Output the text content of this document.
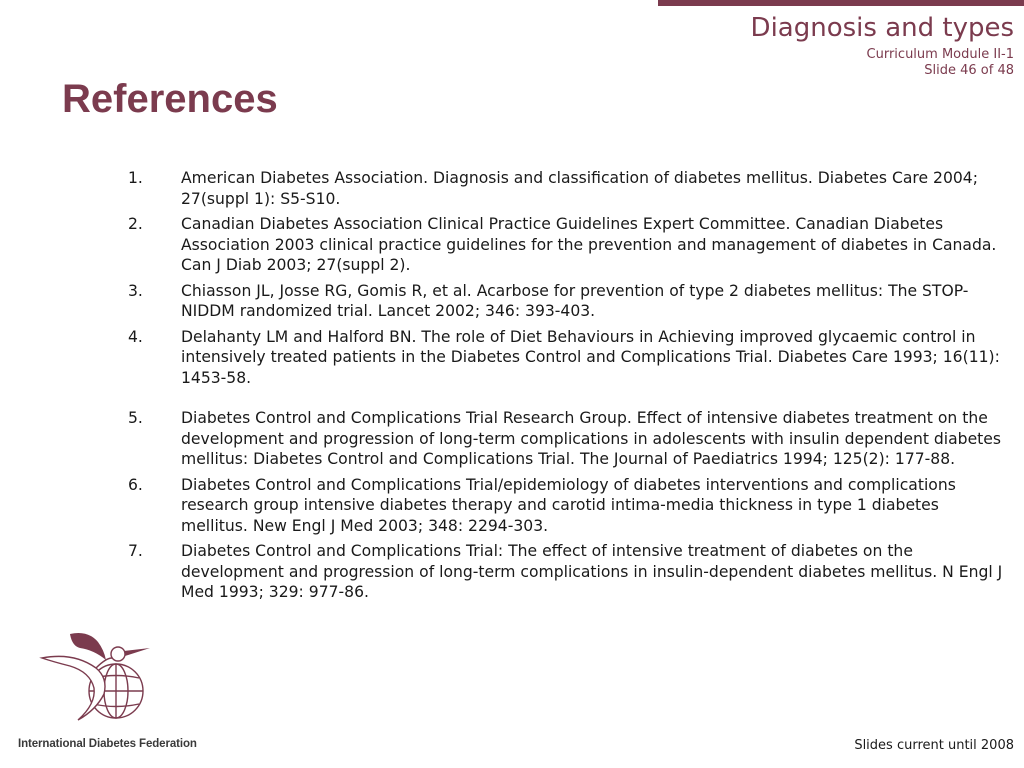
Diagnosis and types
Curriculum Module II-1
Slide 46 of 48
References
1.	American Diabetes Association. Diagnosis and classification of diabetes mellitus. Diabetes Care 2004; 27(suppl 1): S5-S10.
2.	Canadian Diabetes Association Clinical Practice Guidelines Expert Committee. Canadian Diabetes Association 2003 clinical practice guidelines for the prevention and management of diabetes in Canada. Can J Diab 2003; 27(suppl 2).
3.	Chiasson JL, Josse RG, Gomis R, et al. Acarbose for prevention of type 2 diabetes mellitus: The STOP-NIDDM randomized trial. Lancet 2002; 346: 393-403.
4.	Delahanty LM and Halford BN. The role of Diet Behaviours in Achieving improved glycaemic control in intensively treated patients in the Diabetes Control and Complications Trial. Diabetes Care 1993; 16(11): 1453-58.
5.	Diabetes Control and Complications Trial Research Group. Effect of intensive diabetes treatment on the development and progression of long-term complications in adolescents with insulin dependent diabetes mellitus: Diabetes Control and Complications Trial. The Journal of Paediatrics 1994; 125(2): 177-88.
6.	Diabetes Control and Complications Trial/epidemiology of diabetes interventions and complications research group intensive diabetes therapy and carotid intima-media thickness in type 1 diabetes mellitus. New Engl J Med 2003; 348: 2294-303.
7.	Diabetes Control and Complications Trial: The effect of intensive treatment of diabetes on the development and progression of long-term complications in insulin-dependent diabetes mellitus. N Engl J Med 1993; 329: 977-86.
International Diabetes Federation	Slides current until 2008
